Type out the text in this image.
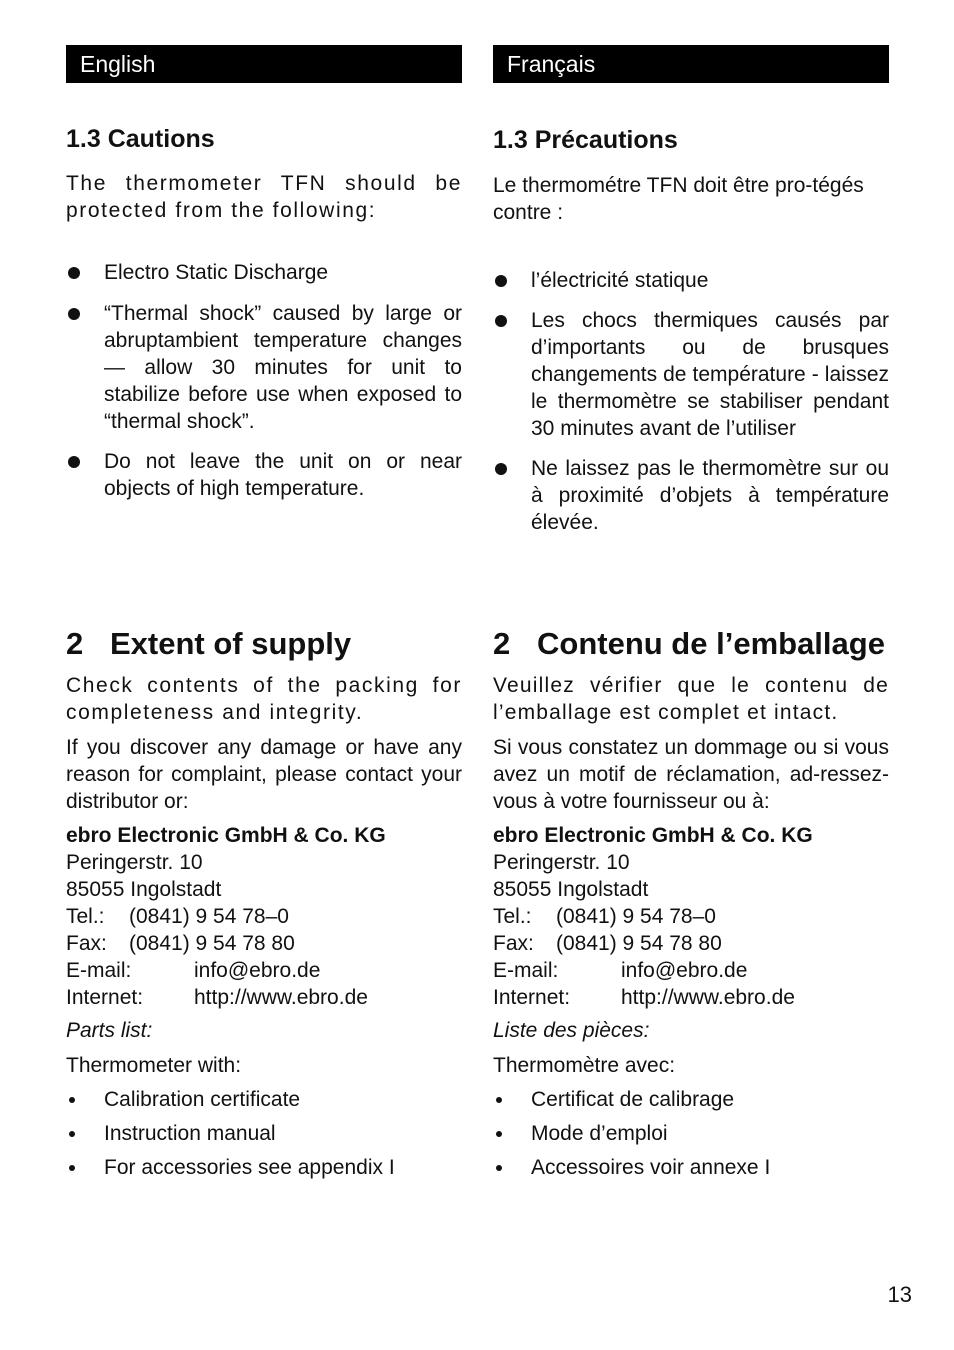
English
1.3 Cautions
The thermometer TFN should be protected from the following:
Electro Static Discharge
“Thermal shock” caused by large or abruptambient temperature changes — allow 30 minutes for unit to stabilize before use when exposed to “thermal shock”.
Do not leave the unit on or near objects of high temperature.
2 Extent of supply
Check contents of the packing for completeness and integrity.
If you discover any damage or have any reason for complaint, please contact your distributor or:
ebro Electronic GmbH & Co. KG
Peringerstr. 10
85055 Ingolstadt
Tel.: (0841) 9 54 78–0
Fax: (0841) 9 54 78 80
E-mail:	info@ebro.de
Internet: http://www.ebro.de
Parts list:
Thermometer with:
Calibration certificate
Instruction manual
For accessories see appendix I
Français
1.3 Précautions
Le thermométre TFN doit être pro-tégés contre :
l’électricité statique
Les chocs thermiques causés par d’importants ou de brusques changements de température - laissez le thermomètre se stabiliser pendant 30 minutes avant de l’utiliser
Ne laissez pas le thermomètre sur ou à proximité d’objets à température élevée.
2 Contenu de l’emballage
Veuillez vérifier que le contenu de l’emballage est complet et intact.
Si vous constatez un dommage ou si vous avez un motif de réclamation, ad-ressez-vous à votre fournisseur ou à:
ebro Electronic GmbH & Co. KG
Peringerstr. 10
85055 Ingolstadt
Tel.: (0841) 9 54 78–0
Fax: (0841) 9 54 78 80
E-mail:	info@ebro.de
Internet: http://www.ebro.de
Liste des pièces:
Thermomètre avec:
Certificat de calibrage
Mode d’emploi
Accessoires voir annexe I
13
